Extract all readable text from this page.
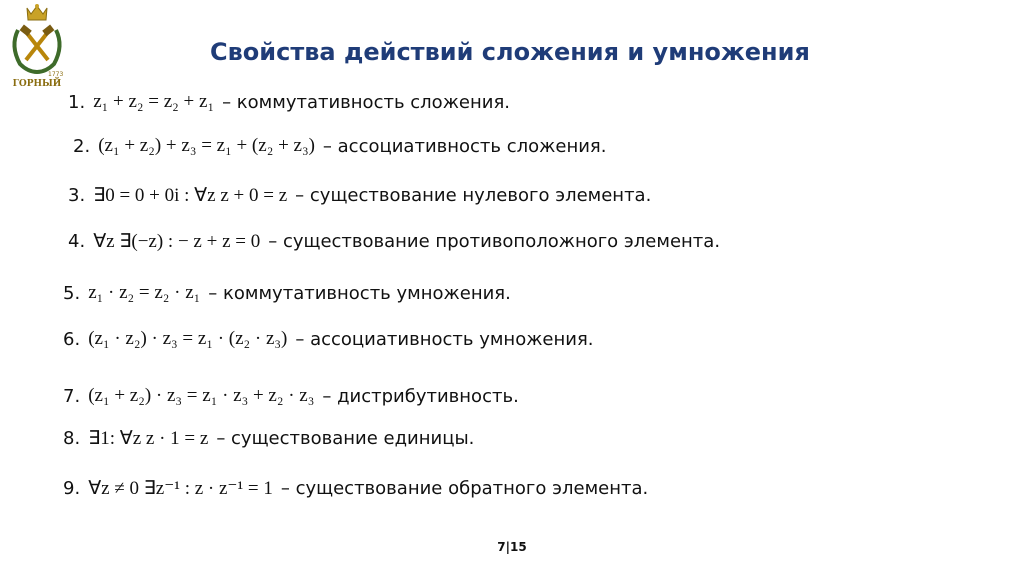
1773
ГОРНЫЙ
Свойства действий сложения и умножения
1. z₁ + z₂ = z₂ + z₁ – коммутативность сложения.
2. (z₁ + z₂) + z₃ = z₁ + (z₂ + z₃) – ассоциативность сложения.
3. ∃0 = 0 + 0i : ∀z z + 0 = z – существование нулевого элемента.
4. ∀z ∃(−z) : − z + z = 0 – существование противоположного элемента.
5. z₁ · z₂ = z₂ · z₁ – коммутативность умножения.
6. (z₁ · z₂) · z₃ = z₁ · (z₂ · z₃) – ассоциативность умножения.
7. (z₁ + z₂) · z₃ = z₁ · z₃ + z₂ · z₃ – дистрибутивность.
8. ∃1: ∀z z · 1 = z – существование единицы.
9. ∀z ≠ 0 ∃z⁻¹ : z · z⁻¹ = 1 – существование обратного элемента.
7|15
